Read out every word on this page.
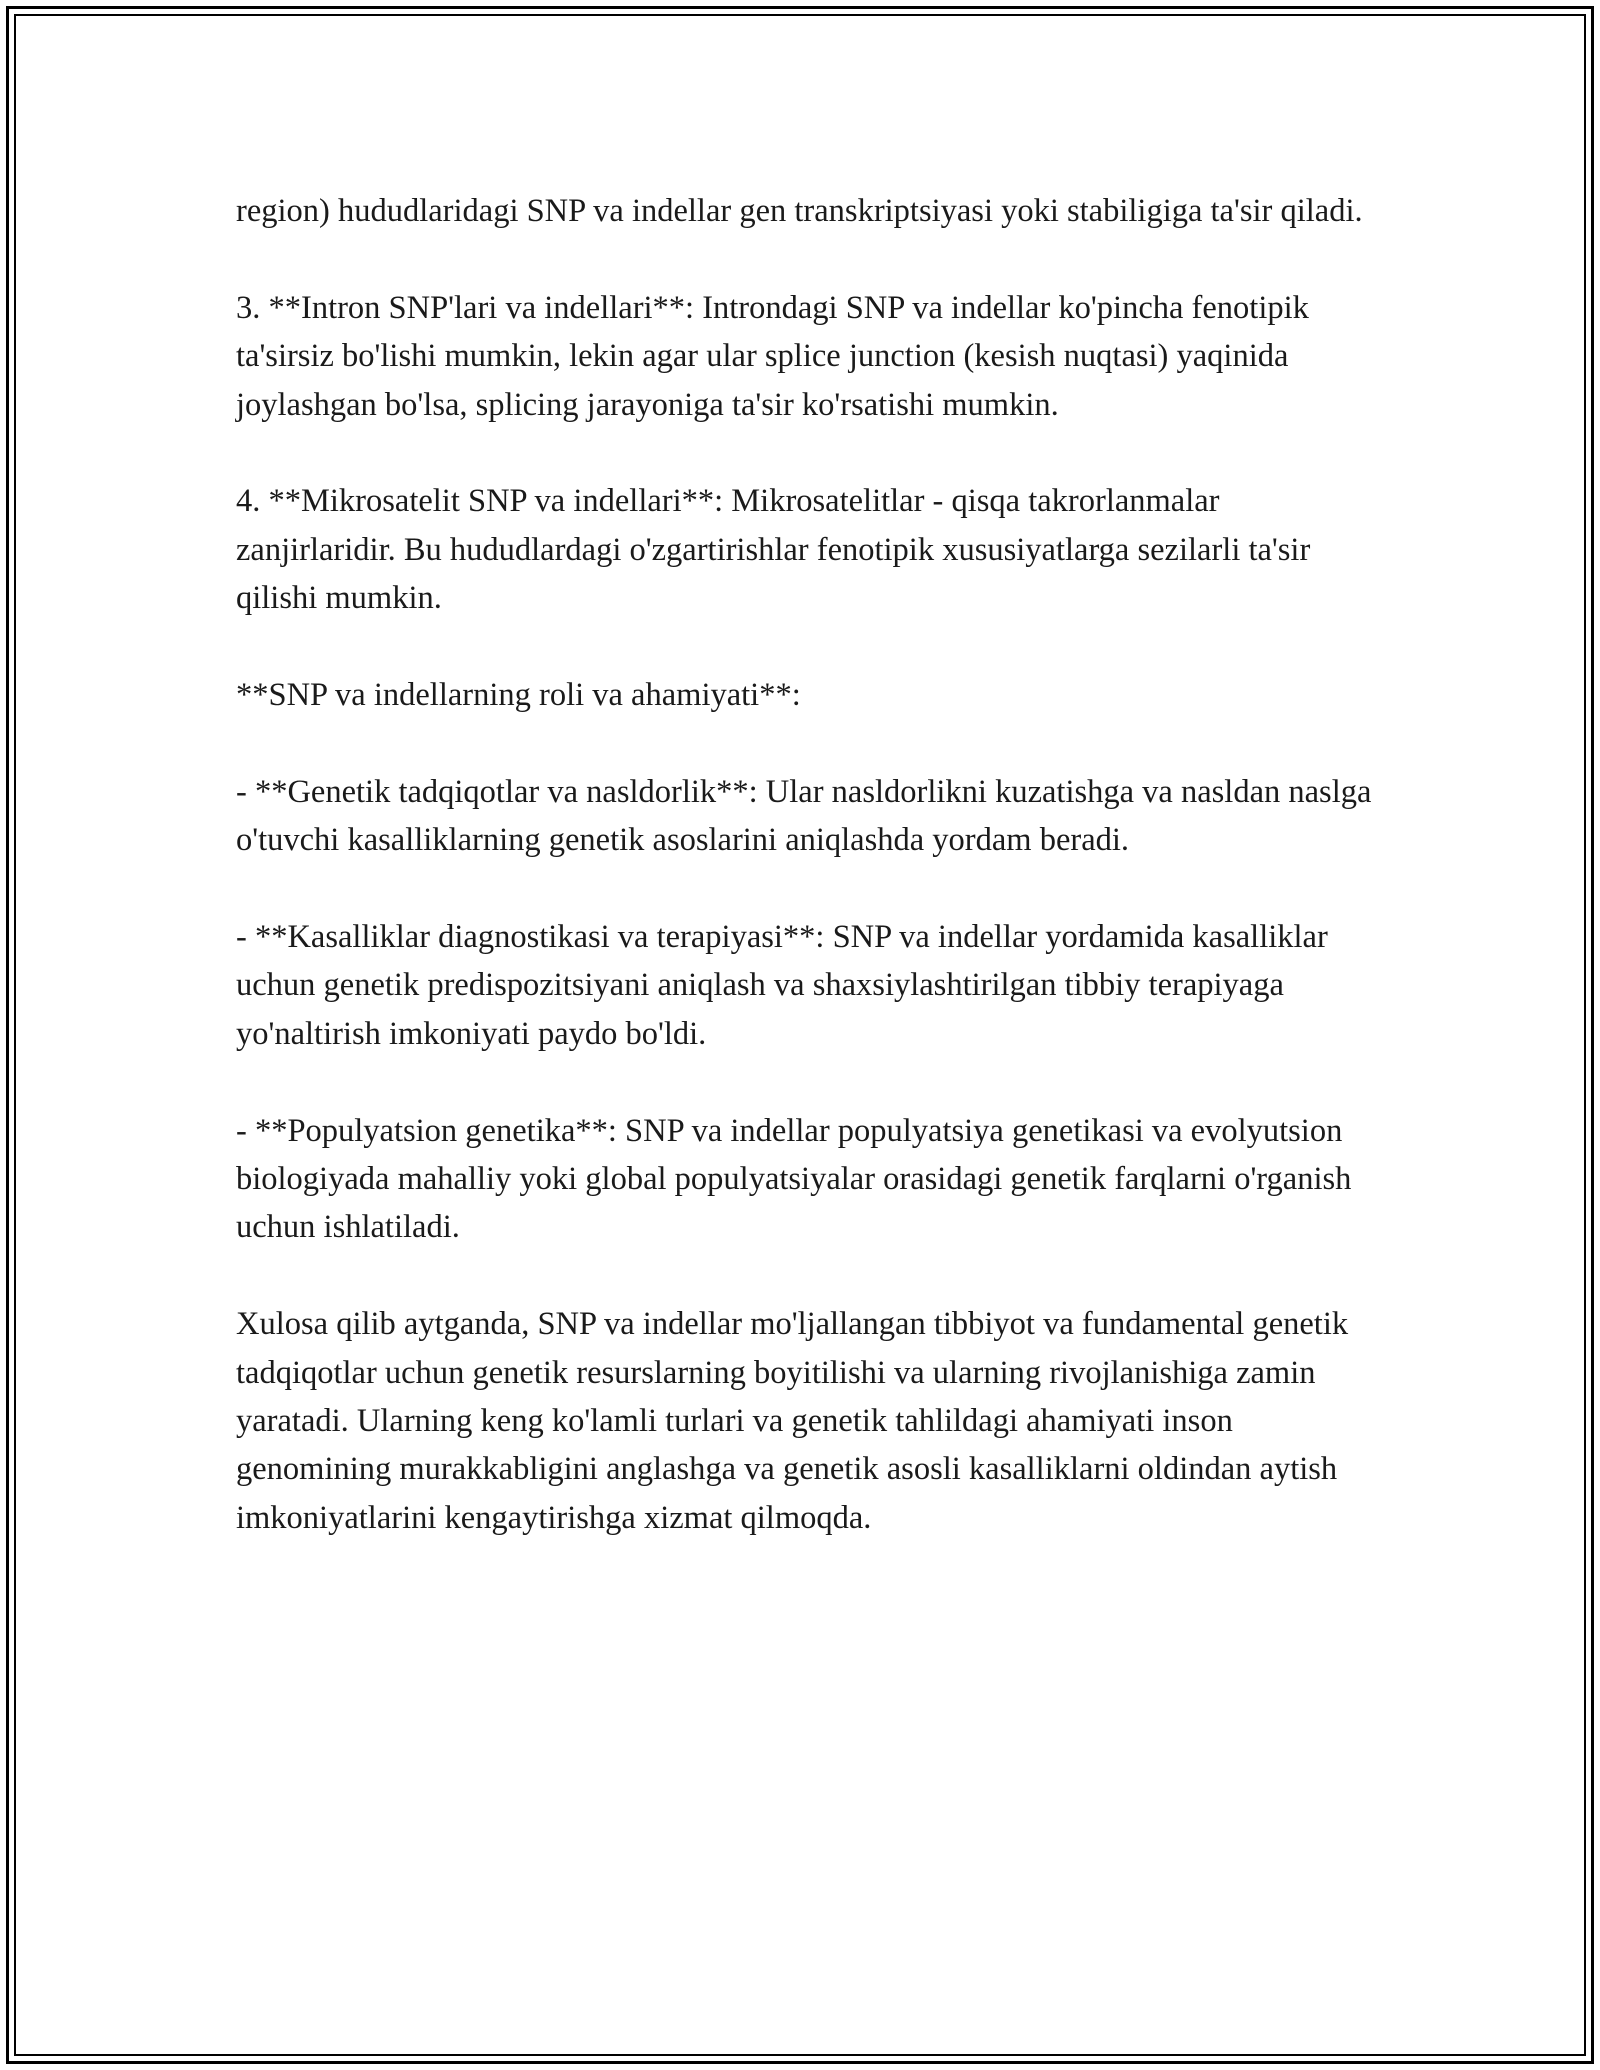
region) hududlaridagi SNP va indellar gen transkriptsiyasi yoki stabiligiga ta'sir qiladi.

3. **Intron SNP'lari va indellari**: Introndagi SNP va indellar ko'pincha fenotipik ta'sirsiz bo'lishi mumkin, lekin agar ular splice junction (kesish nuqtasi) yaqinida joylashgan bo'lsa, splicing jarayoniga ta'sir ko'rsatishi mumkin.

4. **Mikrosatelit SNP va indellari**: Mikrosatelitlar - qisqa takrorlanmalar zanjirlaridir. Bu hududlardagi o'zgartirishlar fenotipik xususiyatlarga sezilarli ta'sir qilishi mumkin.

**SNP va indellarning roli va ahamiyati**:

- **Genetik tadqiqotlar va nasldorlik**: Ular nasldorlikni kuzatishga va nasldan naslga o'tuvchi kasalliklarning genetik asoslarini aniqlashda yordam beradi.

- **Kasalliklar diagnostikasi va terapiyasi**: SNP va indellar yordamida kasalliklar uchun genetik predispozitsiyani aniqlash va shaxsiylashtirilgan tibbiy terapiyaga yo'naltirish imkoniyati paydo bo'ldi.

- **Populyatsion genetika**: SNP va indellar populyatsiya genetikasi va evolyutsion biologiyada mahalliy yoki global populyatsiyalar orasidagi genetik farqlarni o'rganish uchun ishlatiladi.

Xulosa qilib aytganda, SNP va indellar mo'ljallangan tibbiyot va fundamental genetik tadqiqotlar uchun genetik resurslarning boyitilishi va ularning rivojlanishiga zamin yaratadi. Ularning keng ko'lamli turlari va genetik tahlildagi ahamiyati inson genomining murakkabligini anglashga va genetik asosli kasalliklarni oldindan aytish imkoniyatlarini kengaytirishga xizmat qilmoqda.
